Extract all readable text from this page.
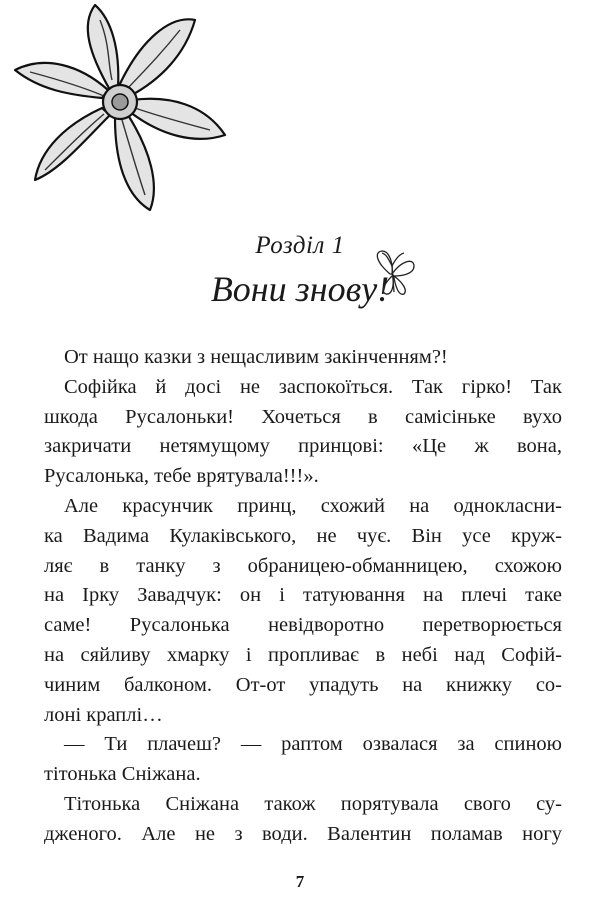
Розділ 1
Вони знову!
От нащо казки з нещасливим закінченням?!
Софійка й досі не заспокоїться. Так гірко! Так
шкода Русалоньки! Хочеться в самісіньке вухо
закричати нетямущому принцові: «Це ж вона,
Русалонька, тебе врятувала!!!».
Але красунчик принц, схожий на однокласни-
ка Вадима Кулаківського, не чує. Він усе круж-
ляє в танку з обраницею-обманницею, схожою
на Ірку Завадчук: он і татуювання на плечі таке
саме! Русалонька невідворотно перетворюється
на сяйливу хмарку і пропливає в небі над Софій-
чиним балконом. От-от упадуть на книжку со-
лоні краплі…
— Ти плачеш? — раптом озвалася за спиною
тітонька Сніжана.
Тітонька Сніжана також порятувала свого су-
дженого. Але не з води. Валентин поламав ногу
7
